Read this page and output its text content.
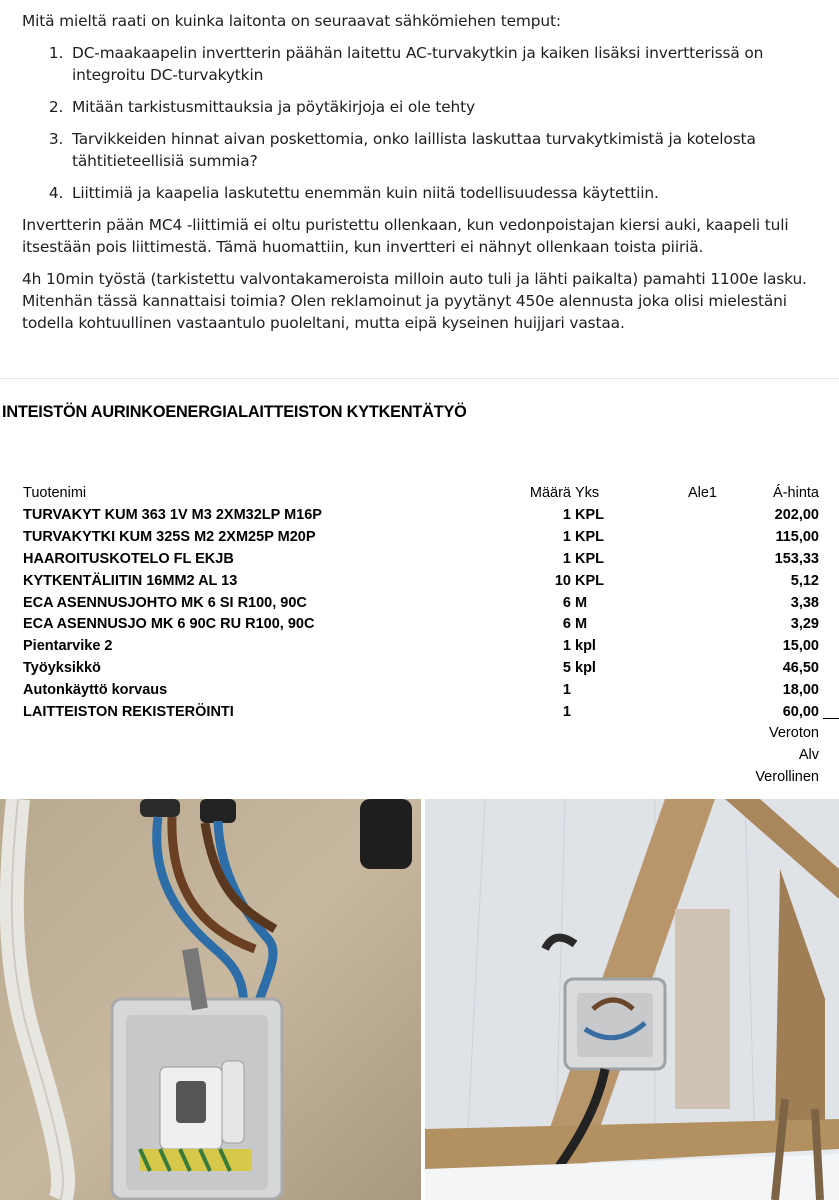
Mitä mieltä raati on kuinka laitonta on seuraavat sähkömiehen temput:

1. DC-maakaapelin invertterin päähän laitettu AC-turvakytkin ja kaiken lisäksi invertterissä on integroitu DC-turvakytkin
2. Mitään tarkistusmittauksia ja pöytäkirjoja ei ole tehty
3. Tarvikkeiden hinnat aivan poskettomia, onko laillista laskuttaa turvakytkimistä ja kotelosta tähtitieteellisiä summia?
4. Liittimiä ja kaapelia laskutettu enemmän kuin niitä todellisuudessa käytettiin.

Invertterin pään MC4 -liittimiä ei oltu puristettu ollenkaan, kun vedonpoistajan kiersi auki, kaapeli tuli itsestään pois liittimestä. Tämä huomattiin, kun invertteri ei nähnyt ollenkaan toista piiriä.

4h 10min työstä (tarkistettu valvontakameroista milloin auto tuli ja lähti paikalta) pamahti 1100e lasku. Mitenhän tässä kannattaisi toimia? Olen reklamoinut ja pyytänyt 450e alennusta joka olisi mielestäni todella kohtuullinen vastaantulo puoleltani, mutta eipä kyseinen huijjari vastaa.

INTEISTÖN AURINKOENERGIALAITTEISTON KYTKENTÄTYÖ
Tuotenimi	Määrä	Yks	Ale1	Á-hinta
TURVAKYT KUM 363 1V M3 2XM32LP M16P	1	KPL		202,00
TURVAKYTKI KUM 325S M2 2XM25P M20P	1	KPL		115,00
HAAROITUSKOTELO FL EKJB	1	KPL		153,33
KYTKENTÄLIITIN 16MM2 AL 13	10	KPL		5,12
ECA ASENNUSJOHTO MK 6 SI R100, 90C	6	M		3,38
ECA ASENNUSJO MK 6 90C RU R100, 90C	6	M		3,29
Pientarvike 2	1	kpl		15,00
Työyksikkö	5	kpl		46,50
Autonkäyttö korvaus	1			18,00
LAITTEISTON REKISTERÖINTI	1			60,00
Veroton
Alv
Verollinen
